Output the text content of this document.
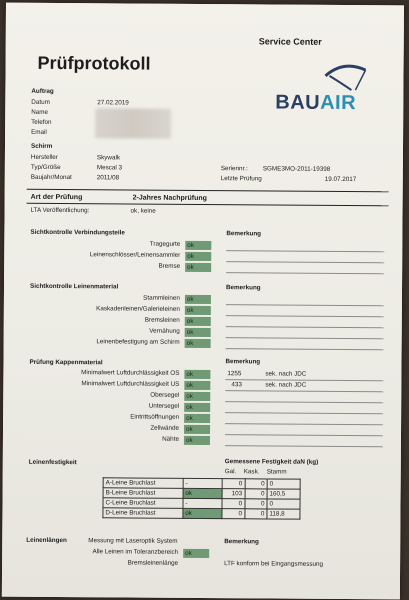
Service Center
Prüfprotokoll
BAUAIR
Auftrag
Datum	27.02.2019
Name
Telefon
Email
Schirm
Hersteller	Skywalk
Typ/Größe	Mescal 3
Baujahr/Monat	2011/08
Seriennr.: SGME3MO-2011-19398
Letzte Prüfung	19.07.2017
Art der Prüfung	2-Jahres Nachprüfung
LTA Veröffentlichung:	ok, keine
Sichtkontrolle Verbindungsteile	Bemerkung
Tragegurte	ok
Leinenschlösser/Leinensammler	ok
Bremse	ok
Sichtkontrolle Leinenmaterial	Bemerkung
Stammleinen	ok
Kaskadenleinen/Galerieleinen	ok
Bremsleinen	ok
Vernähung	ok
Leinenbefestigung am Schirm	ok
Prüfung Kappenmaterial	Bemerkung
Minimalwert Luftdurchlässigkeit OS	ok	1255	sek. nach JDC
Minimalwert Luftdurchlässigkeit US	ok	433	sek. nach JDC
Obersegel	ok
Untersegel	ok
Eintrittsöffnungen	ok
Zellwände	ok
Nähte	ok
Leinenfestigkeit	Gemessene Festigkeit daN (kg)
Gal. Kask. Stamm
A-Leine Bruchlast	-	0	0	0
B-Leine Bruchlast	ok	103	0	160,5
C-Leine Bruchlast	-	0	0	0
D-Leine Bruchlast	ok	0	0	118,8
Leinenlängen	Messung mit Laseroptik System	Bemerkung
Alle Leinen im Toleranzbereich	ok
Bremsleinenlänge	LTF konform bei Eingangsmessung
